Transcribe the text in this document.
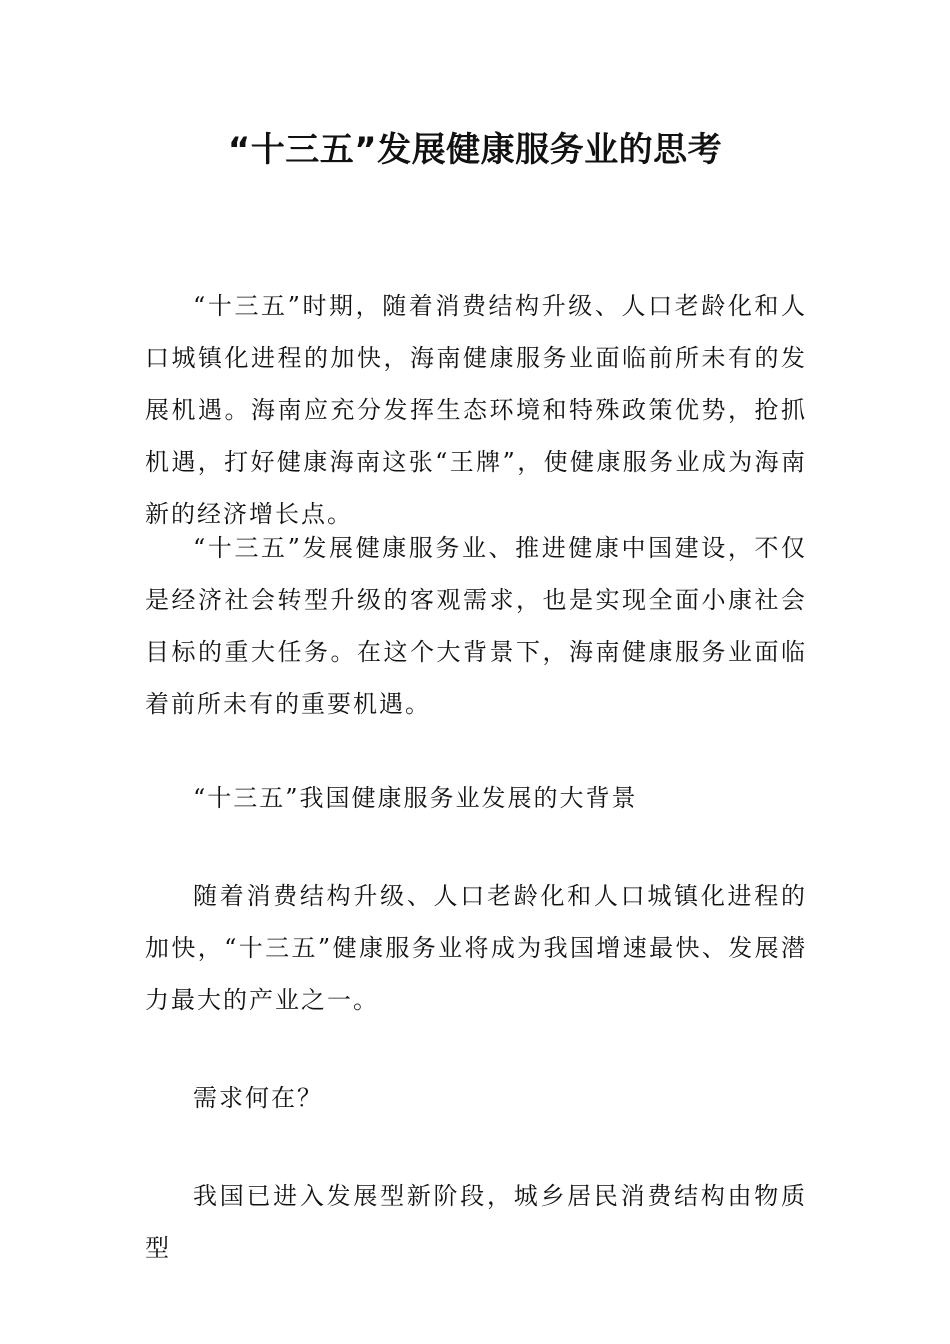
“十三五”发展健康服务业的思考

“十三五”时期，随着消费结构升级、人口老龄化和人口城镇化进程的加快，海南健康服务业面临前所未有的发展机遇。海南应充分发挥生态环境和特殊政策优势，抢抓机遇，打好健康海南这张“王牌”，使健康服务业成为海南新的经济增长点。

“十三五”发展健康服务业、推进健康中国建设，不仅是经济社会转型升级的客观需求，也是实现全面小康社会目标的重大任务。在这个大背景下，海南健康服务业面临着前所未有的重要机遇。

“十三五”我国健康服务业发展的大背景

随着消费结构升级、人口老龄化和人口城镇化进程的加快，“十三五”健康服务业将成为我国增速最快、发展潜力最大的产业之一。

需求何在？

我国已进入发展型新阶段，城乡居民消费结构由物质型
